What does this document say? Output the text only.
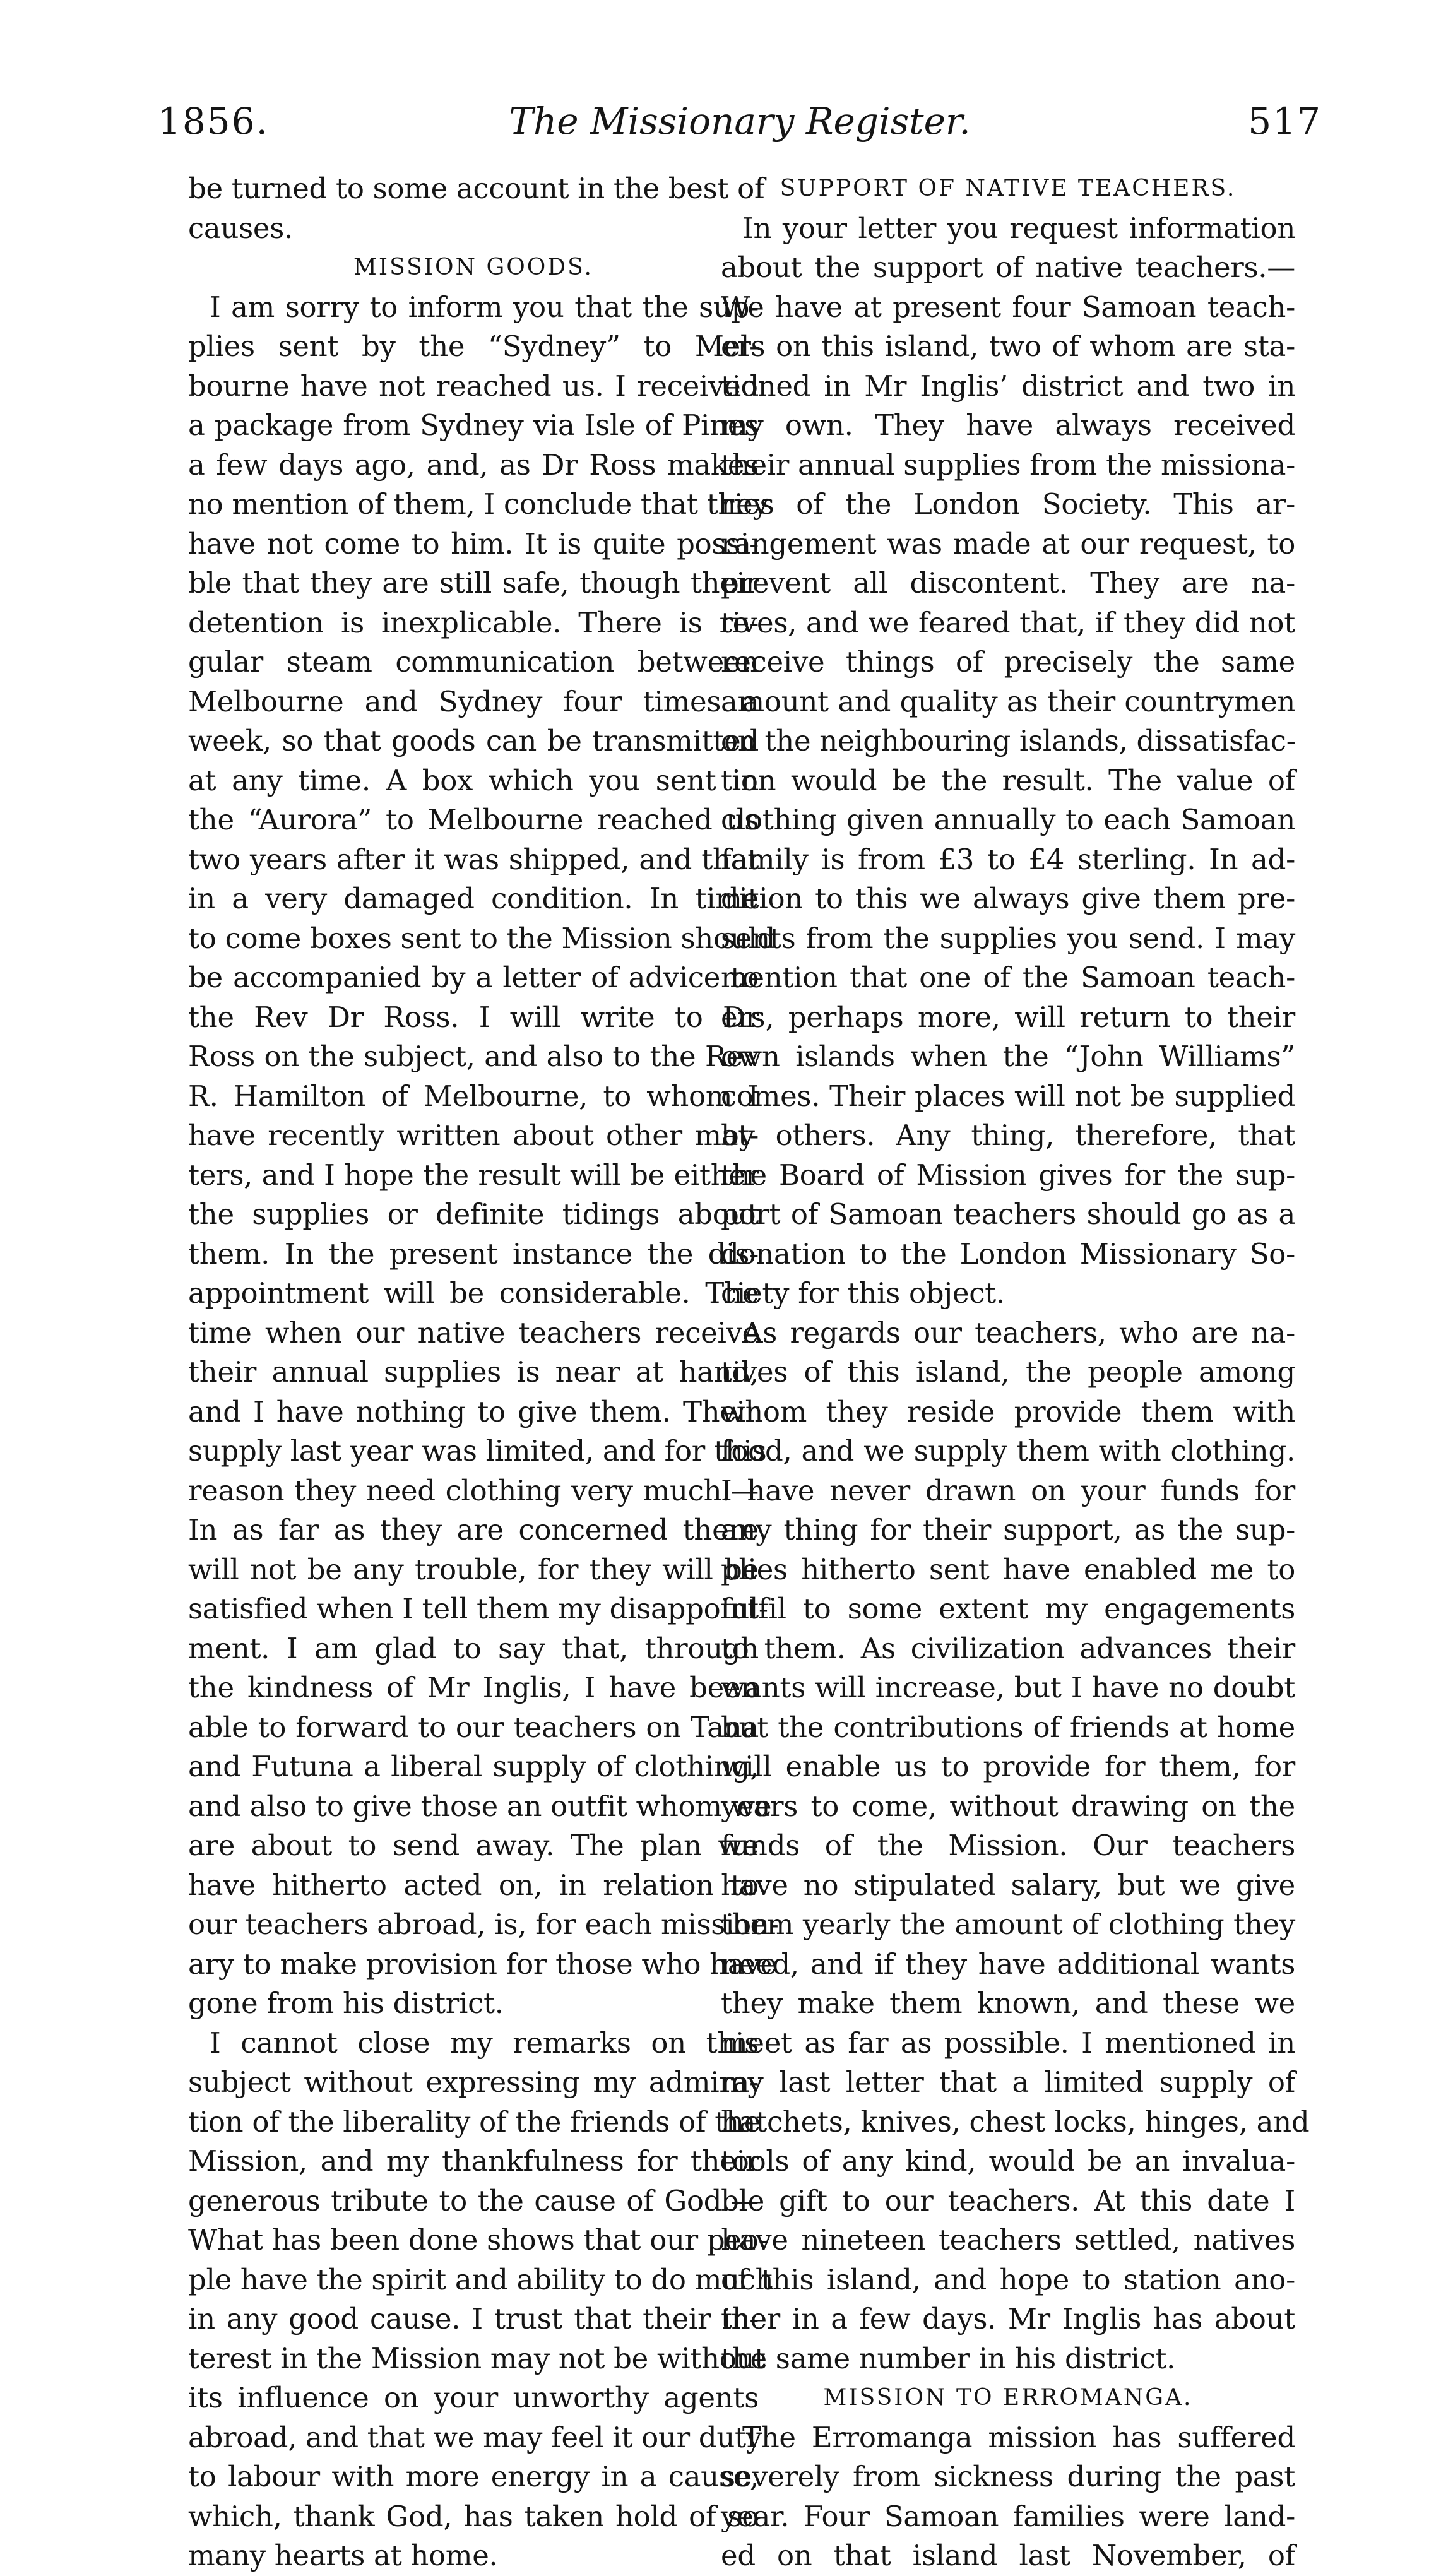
1856.	The Missionary Register.	517
be turned to some account in the best of
causes.
MISSION GOODS.
I am sorry to inform you that the sup-
plies sent by the “Sydney” to Mel-
bourne have not reached us. I received
a package from Sydney via Isle of Pines
a few days ago, and, as Dr Ross makes
no mention of them, I conclude that they
have not come to him. It is quite possi-
ble that they are still safe, though their
detention is inexplicable. There is re-
gular steam communication between
Melbourne and Sydney four times a
week, so that goods can be transmitted
at any time. A box which you sent in
the “Aurora” to Melbourne reached us
two years after it was shipped, and that
in a very damaged condition. In time
to come boxes sent to the Mission should
be accompanied by a letter of advice to
the Rev Dr Ross. I will write to Dr
Ross on the subject, and also to the Rev
R. Hamilton of Melbourne, to whom I
have recently written about other mat-
ters, and I hope the result will be either
the supplies or definite tidings about
them. In the present instance the dis-
appointment will be considerable. The
time when our native teachers receive
their annual supplies is near at hand,
and I have nothing to give them. Their
supply last year was limited, and for this
reason they need clothing very much.—
In as far as they are concerned there
will not be any trouble, for they will be
satisfied when I tell them my disappoint-
ment. I am glad to say that, through
the kindness of Mr Inglis, I have been
able to forward to our teachers on Tana
and Futuna a liberal supply of clothing,
and also to give those an outfit whom we
are about to send away. The plan we
have hitherto acted on, in relation to
our teachers abroad, is, for each mission-
ary to make provision for those who have
gone from his district.
I cannot close my remarks on this
subject without expressing my admira-
tion of the liberality of the friends of the
Mission, and my thankfulness for their
generous tribute to the cause of God.—
What has been done shows that our peo-
ple have the spirit and ability to do much
in any good cause. I trust that their in-
terest in the Mission may not be without
its influence on your unworthy agents
abroad, and that we may feel it our duty
to labour with more energy in a cause,
which, thank God, has taken hold of so
many hearts at home.
SUPPORT OF NATIVE TEACHERS.
In your letter you request information
about the support of native teachers.—
We have at present four Samoan teach-
ers on this island, two of whom are sta-
tioned in Mr Inglis’ district and two in
my own. They have always received
their annual supplies from the missiona-
ries of the London Society. This ar-
rangement was made at our request, to
prevent all discontent. They are na-
tives, and we feared that, if they did not
receive things of precisely the same
amount and quality as their countrymen
on the neighbouring islands, dissatisfac-
tion would be the result. The value of
clothing given annually to each Samoan
family is from £3 to £4 sterling. In ad-
dition to this we always give them pre-
sents from the supplies you send. I may
mention that one of the Samoan teach-
ers, perhaps more, will return to their
own islands when the “John Williams”
comes. Their places will not be supplied
by others. Any thing, therefore, that
the Board of Mission gives for the sup-
port of Samoan teachers should go as a
donation to the London Missionary So-
ciety for this object.
As regards our teachers, who are na-
tives of this island, the people among
whom they reside provide them with
food, and we supply them with clothing.
I have never drawn on your funds for
any thing for their support, as the sup-
plies hitherto sent have enabled me to
fulfil to some extent my engagements
to them. As civilization advances their
wants will increase, but I have no doubt
but the contributions of friends at home
will enable us to provide for them, for
years to come, without drawing on the
funds of the Mission. Our teachers
have no stipulated salary, but we give
them yearly the amount of clothing they
need, and if they have additional wants
they make them known, and these we
meet as far as possible. I mentioned in
my last letter that a limited supply of
hatchets, knives, chest locks, hinges, and
tools of any kind, would be an invalua-
ble gift to our teachers. At this date I
have nineteen teachers settled, natives
of this island, and hope to station ano-
ther in a few days. Mr Inglis has about
the same number in his district.
MISSION TO ERROMANGA.
The Erromanga mission has suffered
severely from sickness during the past
year. Four Samoan families were land-
ed on that island last November, of
